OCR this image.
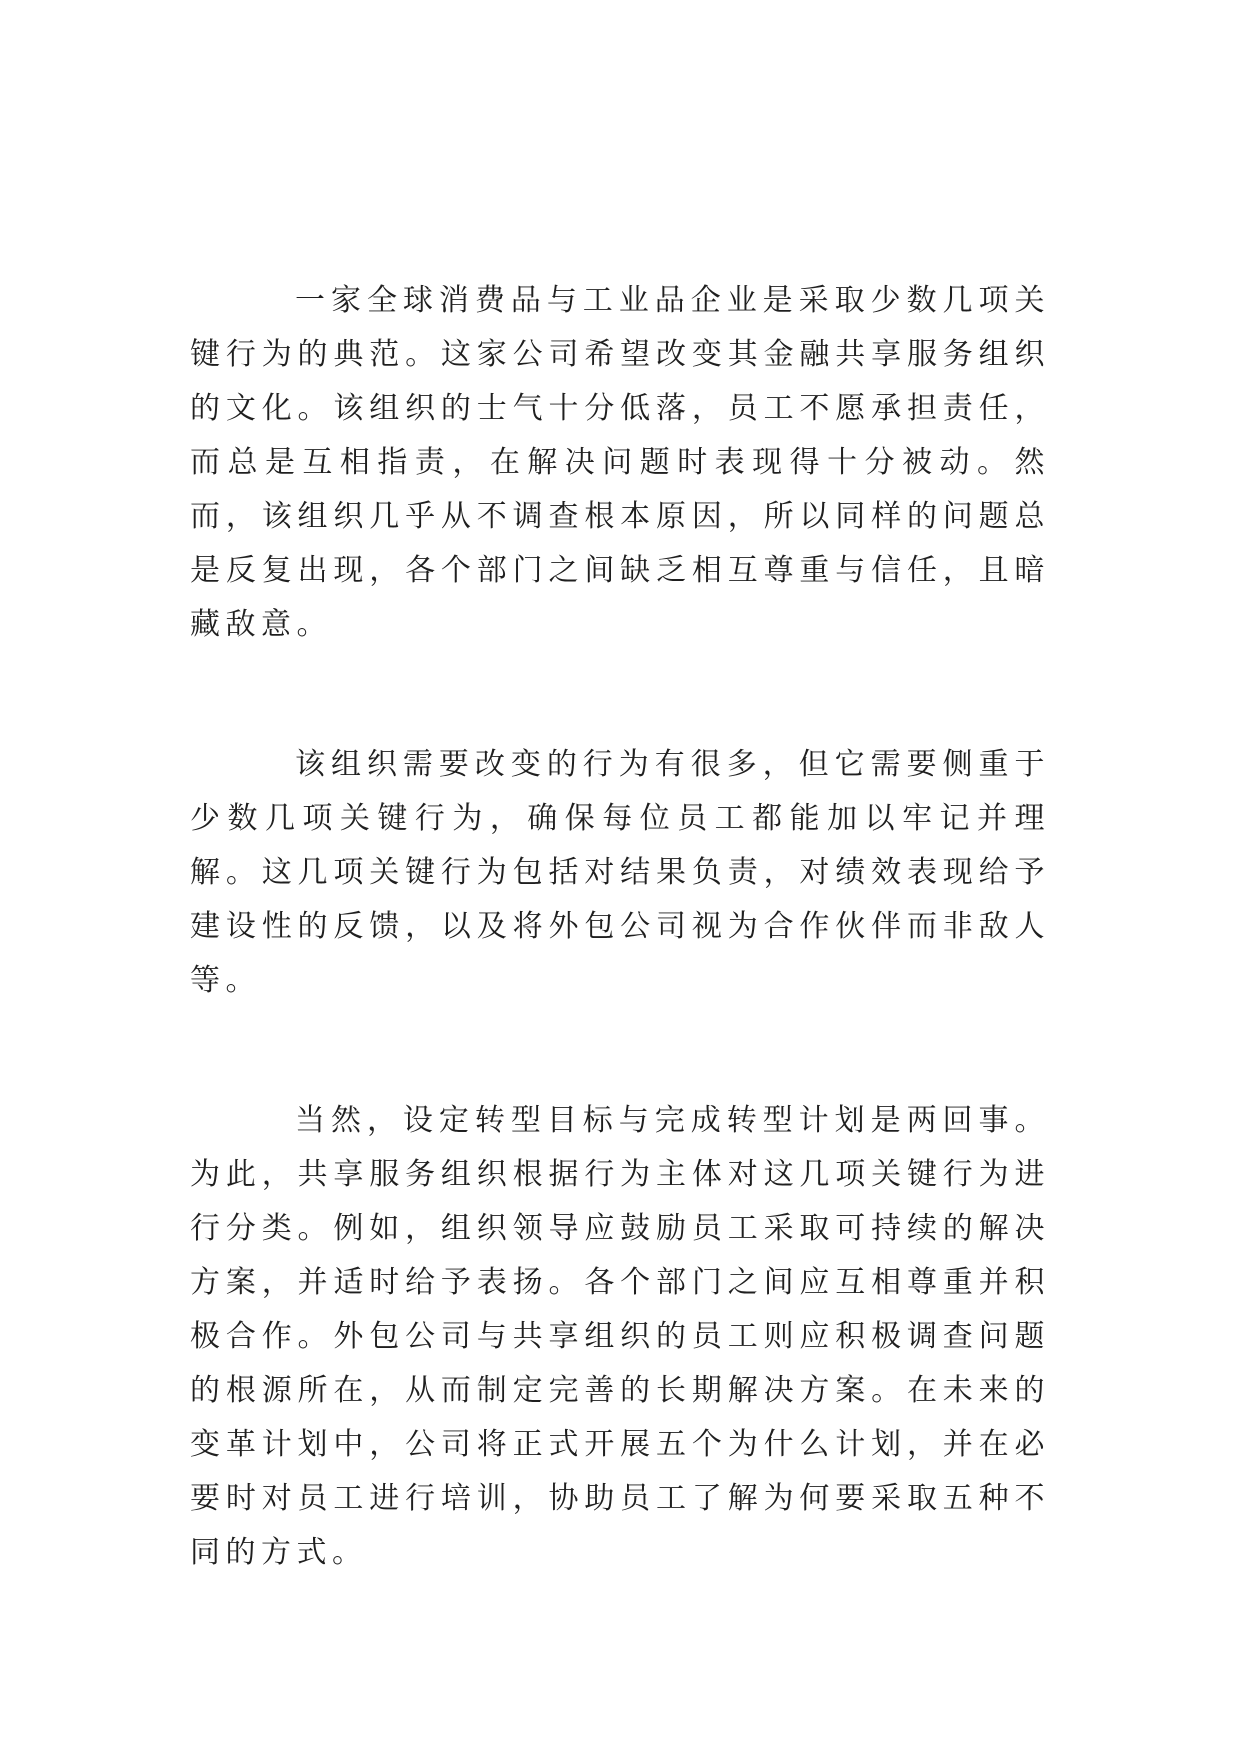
一家全球消费品与工业品企业是采取少数几项关键行为的典范。这家公司希望改变其金融共享服务组织的文化。该组织的士气十分低落，员工不愿承担责任，而总是互相指责，在解决问题时表现得十分被动。然而，该组织几乎从不调查根本原因，所以同样的问题总是反复出现，各个部门之间缺乏相互尊重与信任，且暗藏敌意。

该组织需要改变的行为有很多，但它需要侧重于少数几项关键行为，确保每位员工都能加以牢记并理解。这几项关键行为包括对结果负责，对绩效表现给予建设性的反馈，以及将外包公司视为合作伙伴而非敌人等。

当然，设定转型目标与完成转型计划是两回事。为此，共享服务组织根据行为主体对这几项关键行为进行分类。例如，组织领导应鼓励员工采取可持续的解决方案，并适时给予表扬。各个部门之间应互相尊重并积极合作。外包公司与共享组织的员工则应积极调查问题的根源所在，从而制定完善的长期解决方案。在未来的变革计划中，公司将正式开展五个为什么计划，并在必要时对员工进行培训，协助员工了解为何要采取五种不同的方式。
